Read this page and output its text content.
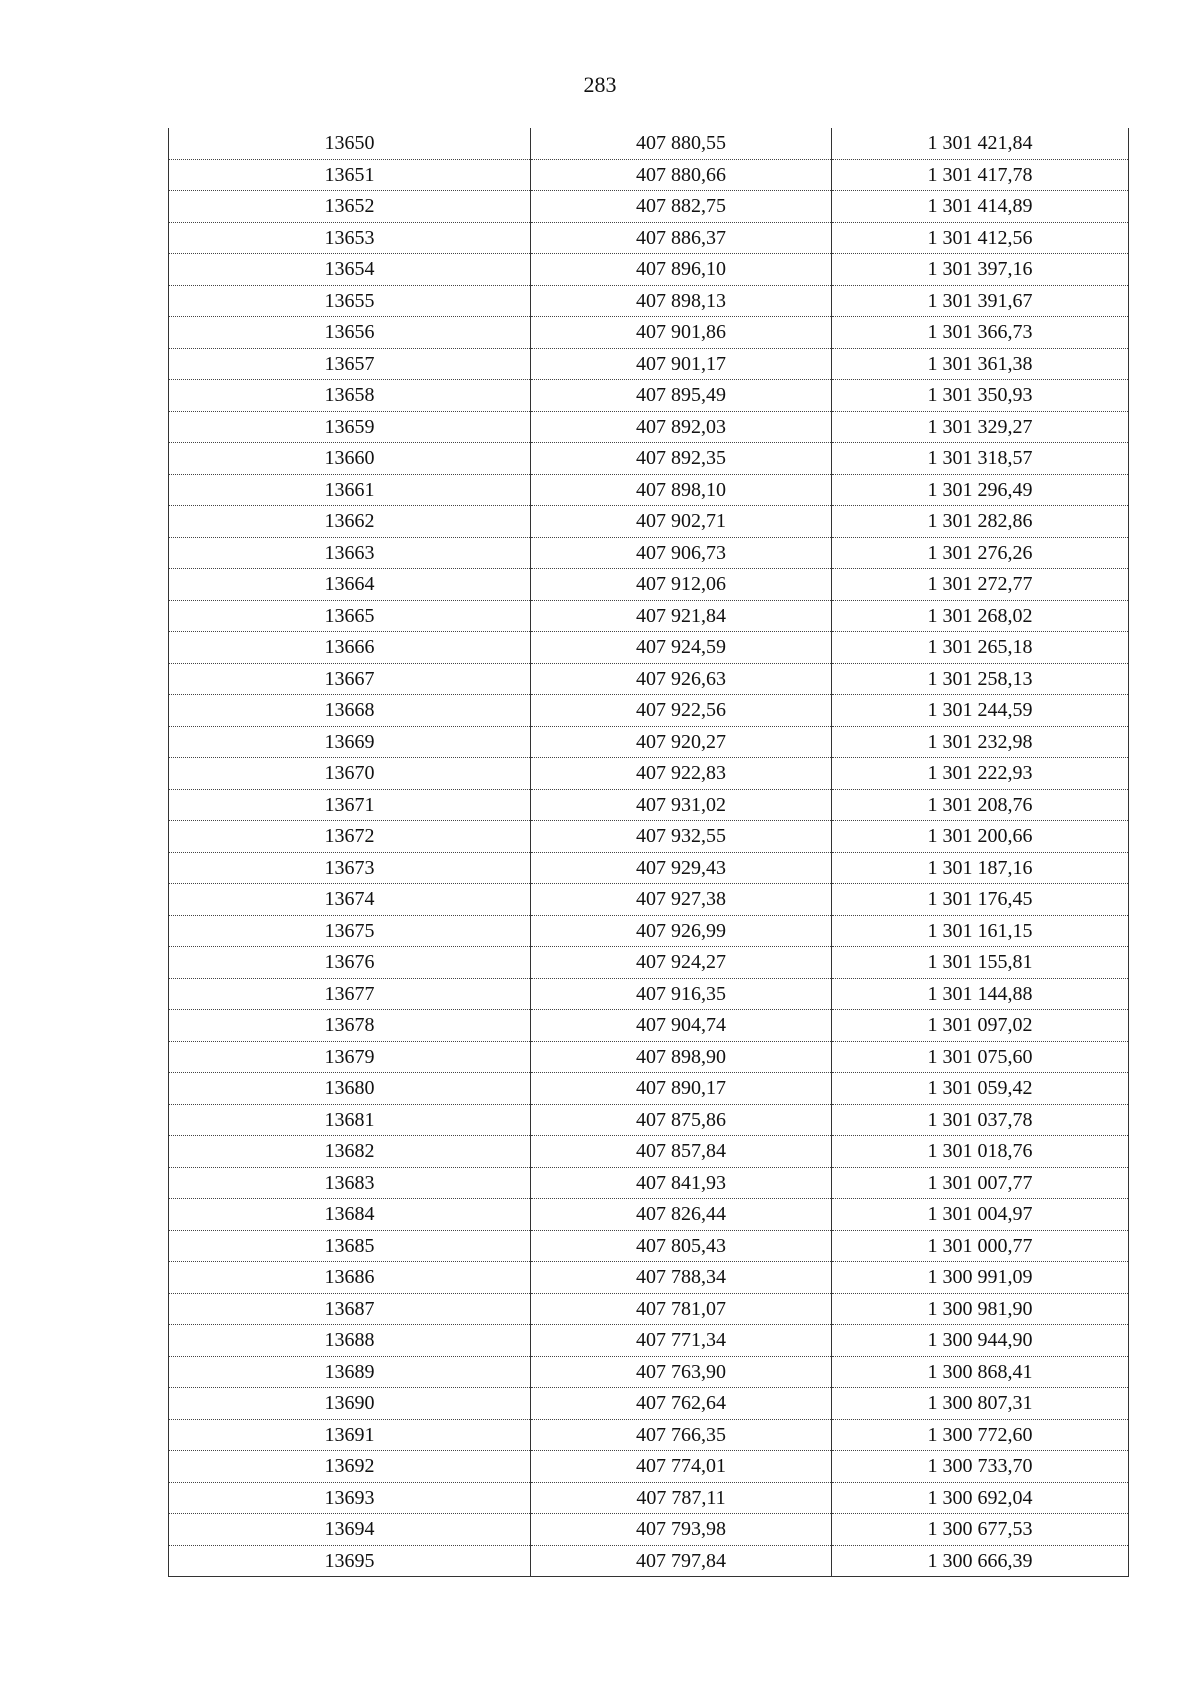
283
13650	407 880,55	1 301 421,84
13651	407 880,66	1 301 417,78
13652	407 882,75	1 301 414,89
13653	407 886,37	1 301 412,56
13654	407 896,10	1 301 397,16
13655	407 898,13	1 301 391,67
13656	407 901,86	1 301 366,73
13657	407 901,17	1 301 361,38
13658	407 895,49	1 301 350,93
13659	407 892,03	1 301 329,27
13660	407 892,35	1 301 318,57
13661	407 898,10	1 301 296,49
13662	407 902,71	1 301 282,86
13663	407 906,73	1 301 276,26
13664	407 912,06	1 301 272,77
13665	407 921,84	1 301 268,02
13666	407 924,59	1 301 265,18
13667	407 926,63	1 301 258,13
13668	407 922,56	1 301 244,59
13669	407 920,27	1 301 232,98
13670	407 922,83	1 301 222,93
13671	407 931,02	1 301 208,76
13672	407 932,55	1 301 200,66
13673	407 929,43	1 301 187,16
13674	407 927,38	1 301 176,45
13675	407 926,99	1 301 161,15
13676	407 924,27	1 301 155,81
13677	407 916,35	1 301 144,88
13678	407 904,74	1 301 097,02
13679	407 898,90	1 301 075,60
13680	407 890,17	1 301 059,42
13681	407 875,86	1 301 037,78
13682	407 857,84	1 301 018,76
13683	407 841,93	1 301 007,77
13684	407 826,44	1 301 004,97
13685	407 805,43	1 301 000,77
13686	407 788,34	1 300 991,09
13687	407 781,07	1 300 981,90
13688	407 771,34	1 300 944,90
13689	407 763,90	1 300 868,41
13690	407 762,64	1 300 807,31
13691	407 766,35	1 300 772,60
13692	407 774,01	1 300 733,70
13693	407 787,11	1 300 692,04
13694	407 793,98	1 300 677,53
13695	407 797,84	1 300 666,39
